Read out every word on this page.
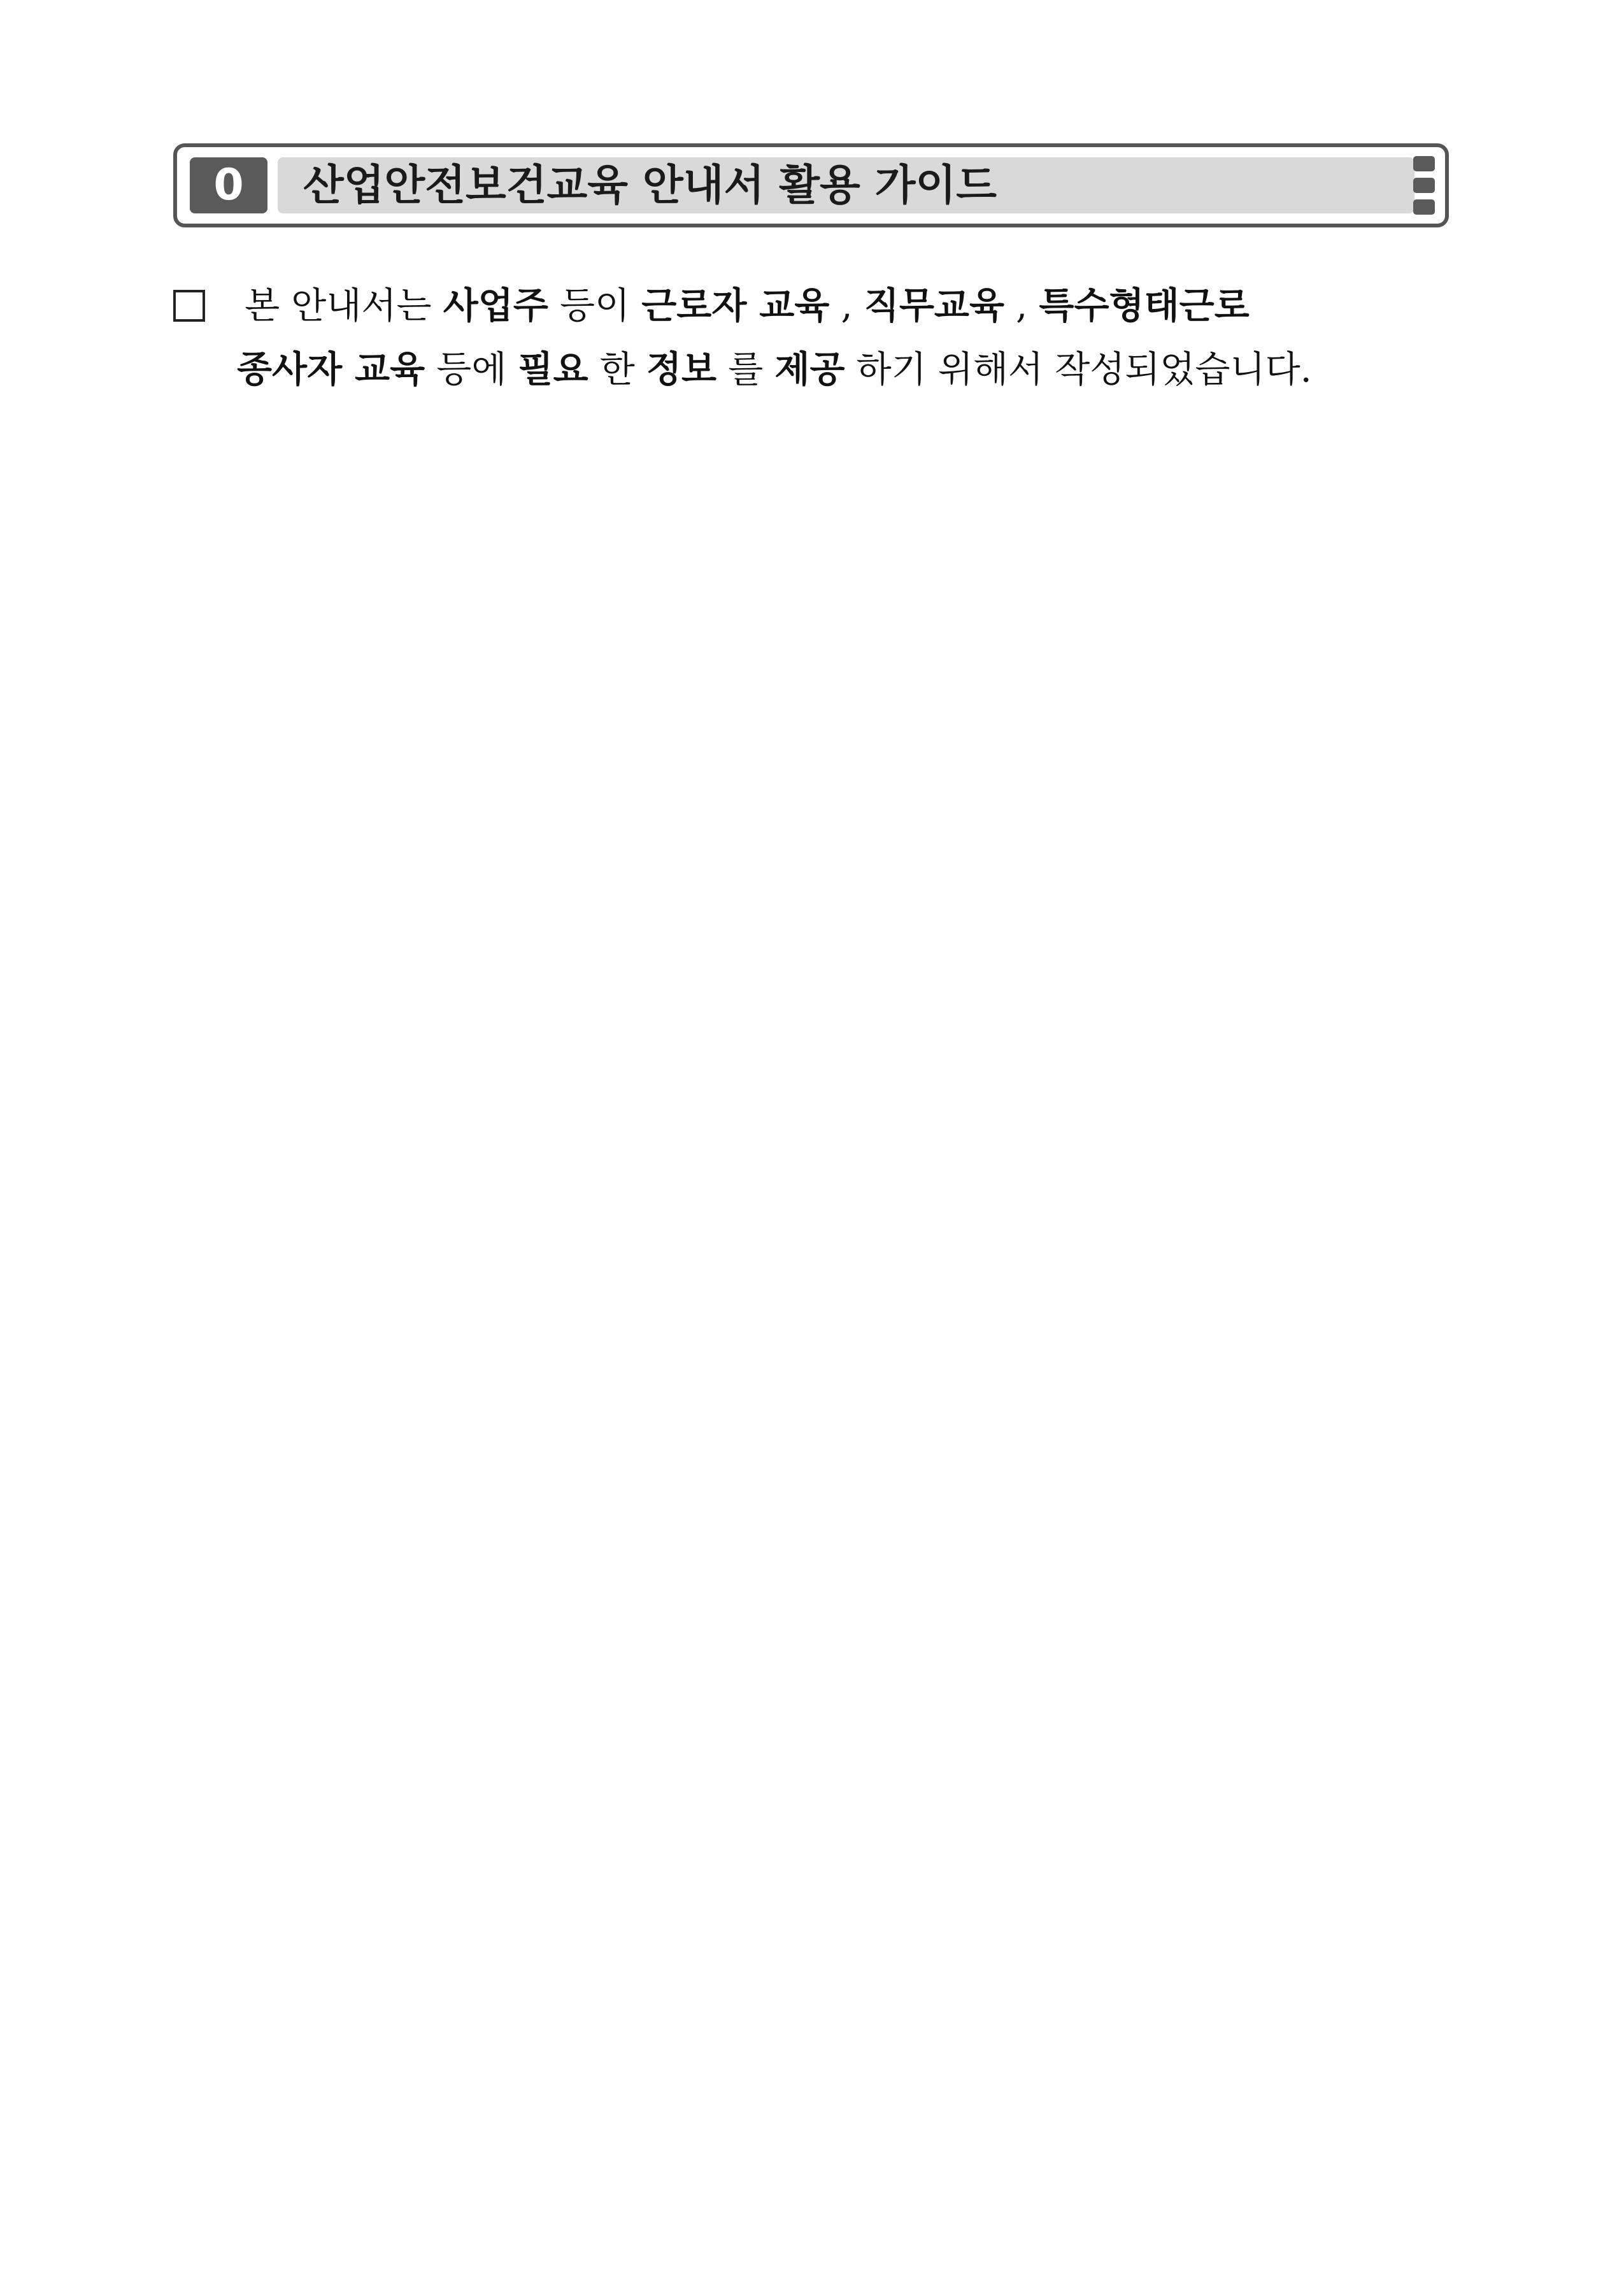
0	산업안전보건교육 안내서 활용 가이드
본 안내서는 사업주 등이 근로자 교육 , 직무교육 , 특수형태근로
종사자 교육 등에 필요 한 정보 를 제공 하기 위해서 작성되었습니다.
